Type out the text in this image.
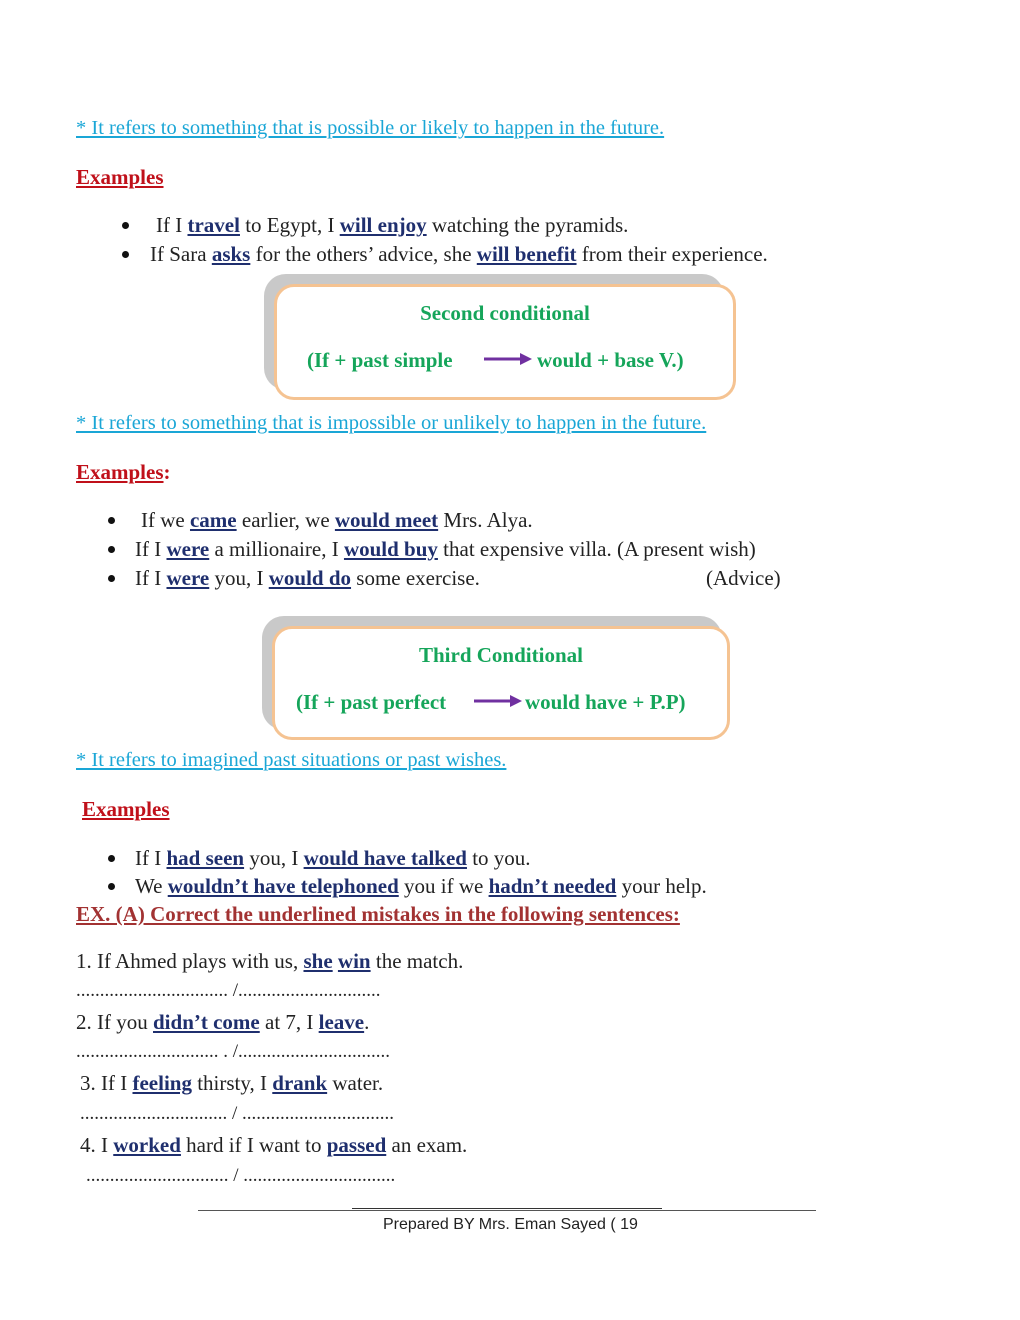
* It refers to something that is possible or likely to happen in the future.
Examples
If I travel to Egypt, I will enjoy watching the pyramids.
If Sara asks for the others’ advice, she will benefit from their experience.
Second conditional
(If + past simple	would + base V.)
* It refers to something that is impossible or unlikely to happen in the future.
Examples:
If we came earlier, we would meet Mrs. Alya.
If I were a millionaire, I would buy that expensive villa. (A present wish)
If I were you, I would do some exercise.	(Advice)
Third Conditional
(If + past perfect	would have + P.P)
* It refers to imagined past situations or past wishes.
Examples
If I had seen you, I would have talked to you.
We wouldn’t have telephoned you if we hadn’t needed your help.
EX. (A) Correct the underlined mistakes in the following sentences:
1. If Ahmed plays with us, she win the match.
................................ /..............................
2. If you didn’t come at 7, I leave.
.............................. . /................................
3. If I feeling thirsty, I drank water.
............................... / ................................
4. I worked hard if I want to passed an exam.
.............................. / ................................
Prepared BY Mrs. Eman Sayed ( 19
